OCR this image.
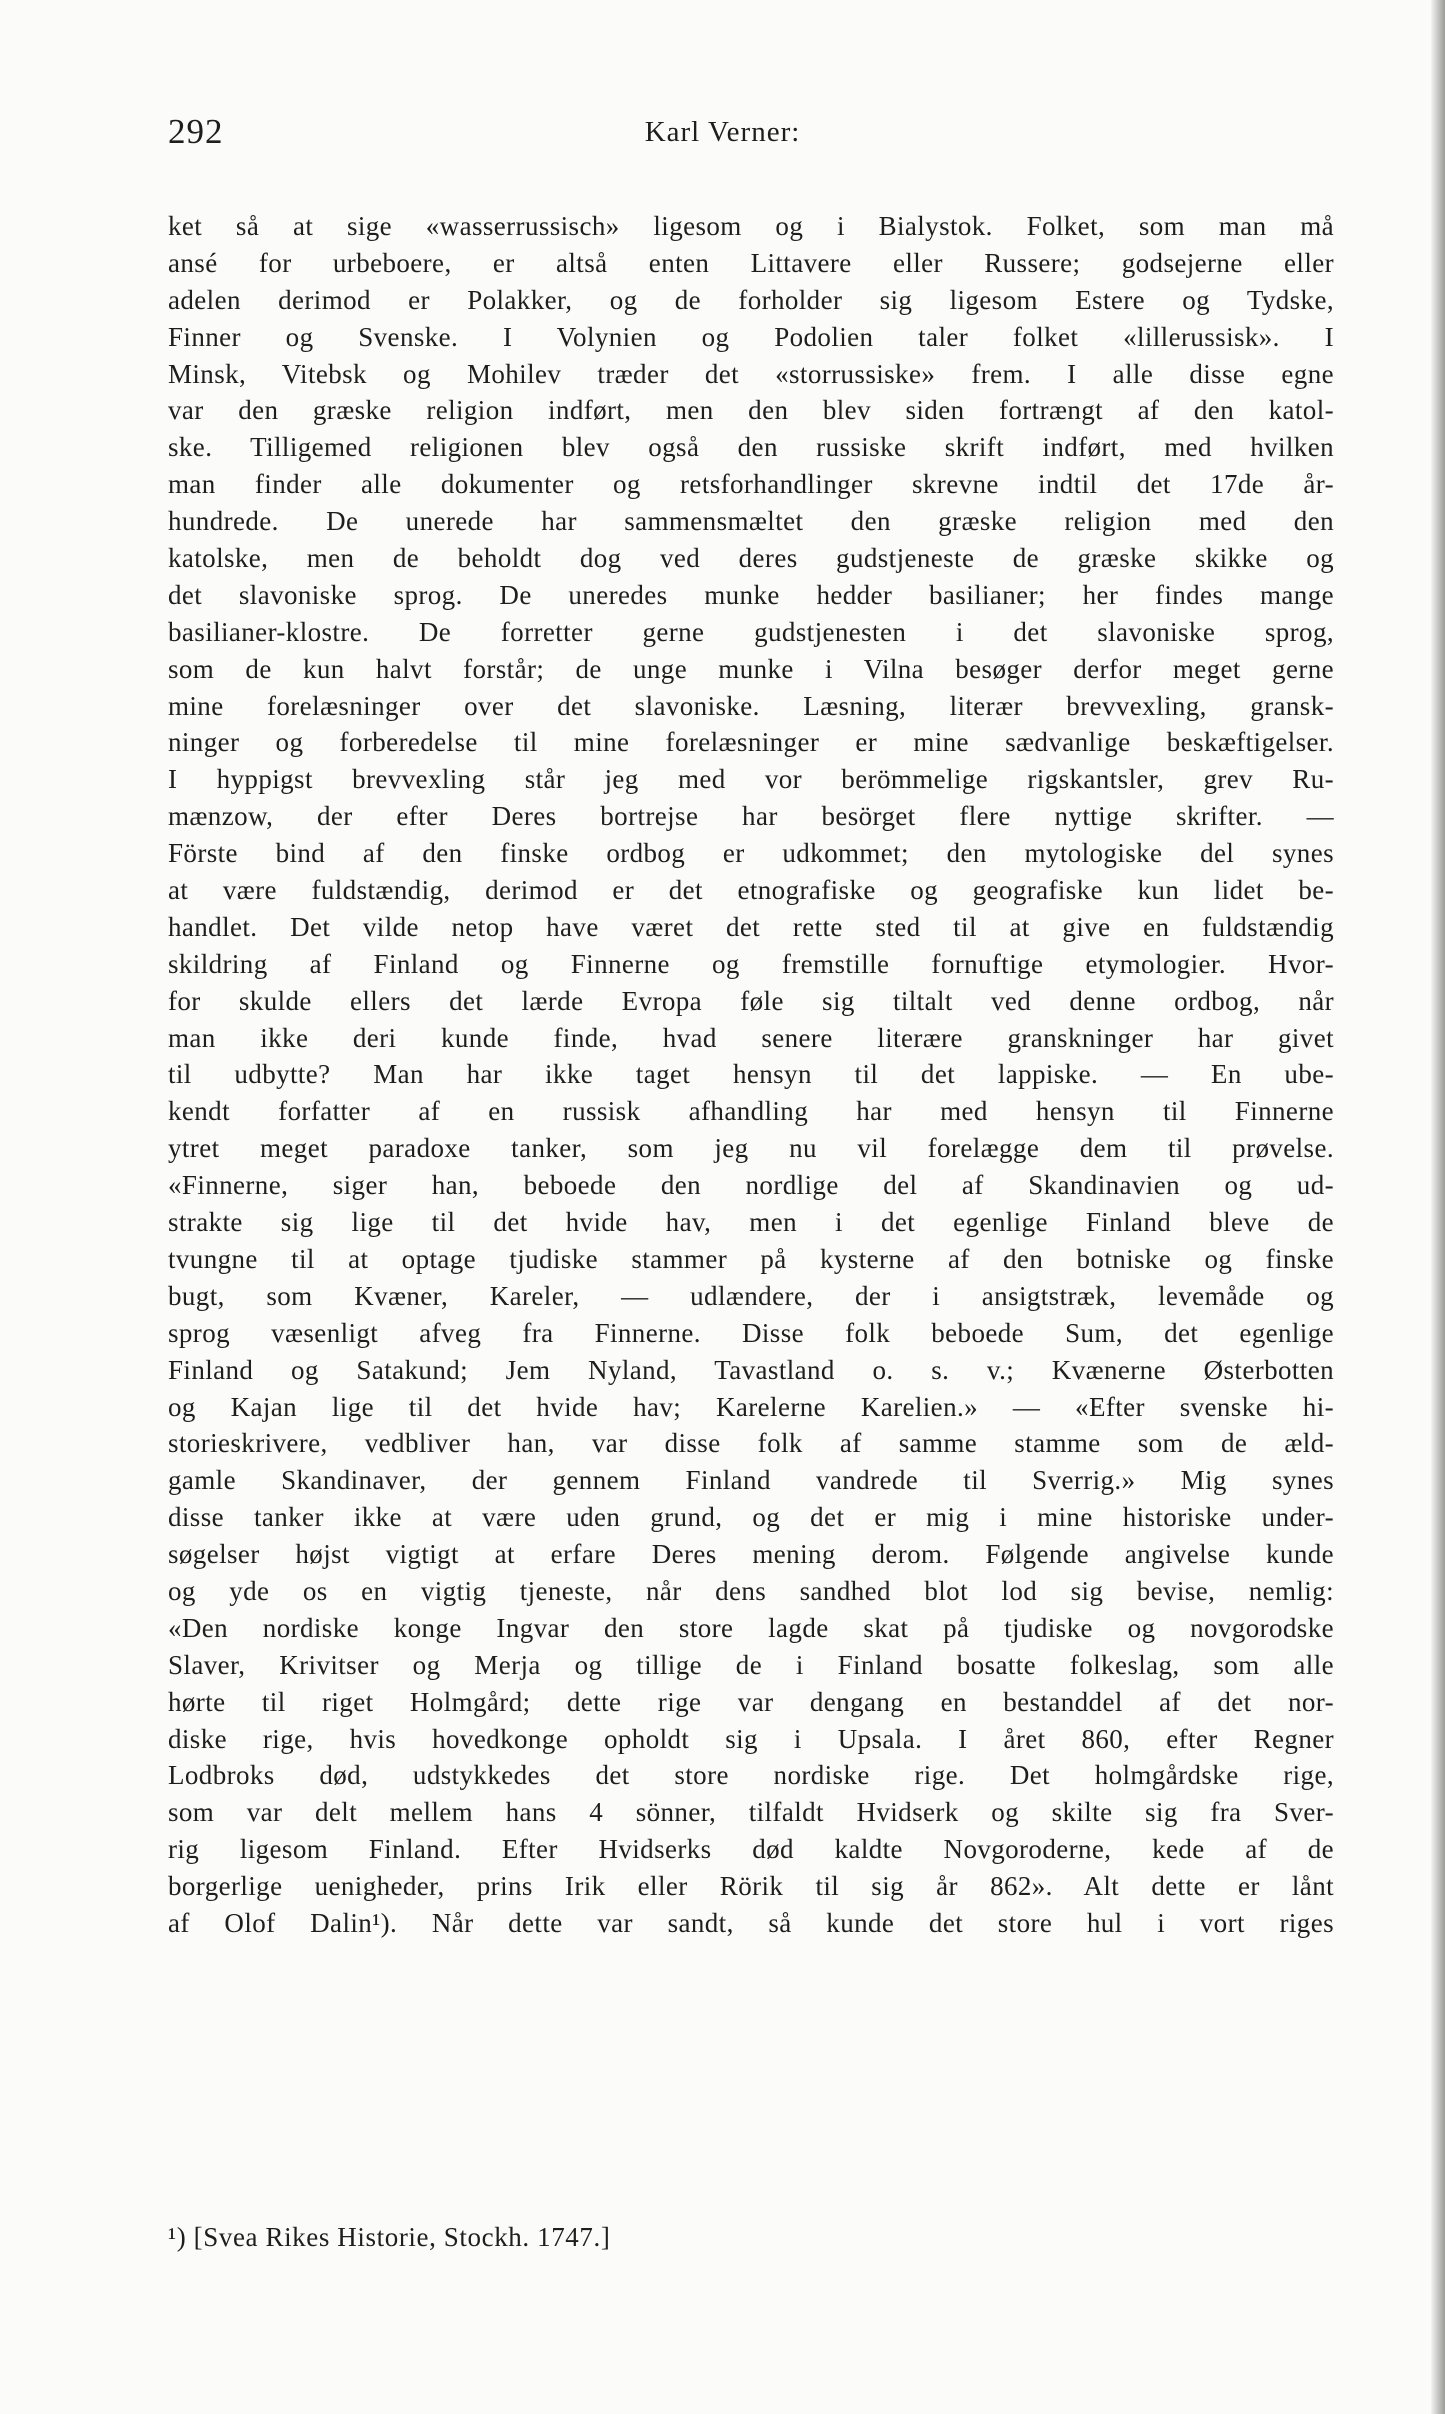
292	Karl Verner:
ket så at sige «wasserrussisch» ligesom og i Bialystok. Folket, som man må
ansé for urbeboere, er altså enten Littavere eller Russere; godsejerne eller
adelen derimod er Polakker, og de forholder sig ligesom Estere og Tydske,
Finner og Svenske. I Volynien og Podolien taler folket «lillerussisk». I
Minsk, Vitebsk og Mohilev træder det «storrussiske» frem. I alle disse egne
var den græske religion indført, men den blev siden fortrængt af den katol-
ske. Tilligemed religionen blev også den russiske skrift indført, med hvilken
man finder alle dokumenter og retsforhandlinger skrevne indtil det 17de år-
hundrede. De unerede har sammensmæltet den græske religion med den
katolske, men de beholdt dog ved deres gudstjeneste de græske skikke og
det slavoniske sprog. De uneredes munke hedder basilianer; her findes mange
basilianer-klostre. De forretter gerne gudstjenesten i det slavoniske sprog,
som de kun halvt forstår; de unge munke i Vilna besøger derfor meget gerne
mine forelæsninger over det slavoniske. Læsning, literær brevvexling, gransk-
ninger og forberedelse til mine forelæsninger er mine sædvanlige beskæftigelser.
I hyppigst brevvexling står jeg med vor berömmelige rigskantsler, grev Ru-
mænzow, der efter Deres bortrejse har besörget flere nyttige skrifter. —
Förste bind af den finske ordbog er udkommet; den mytologiske del synes
at være fuldstændig, derimod er det etnografiske og geografiske kun lidet be-
handlet. Det vilde netop have været det rette sted til at give en fuldstændig
skildring af Finland og Finnerne og fremstille fornuftige etymologier. Hvor-
for skulde ellers det lærde Evropa føle sig tiltalt ved denne ordbog, når
man ikke deri kunde finde, hvad senere literære granskninger har givet
til udbytte? Man har ikke taget hensyn til det lappiske. — En ube-
kendt forfatter af en russisk afhandling har med hensyn til Finnerne
ytret meget paradoxe tanker, som jeg nu vil forelægge dem til prøvelse.
«Finnerne, siger han, beboede den nordlige del af Skandinavien og ud-
strakte sig lige til det hvide hav, men i det egenlige Finland bleve de
tvungne til at optage tjudiske stammer på kysterne af den botniske og finske
bugt, som Kvæner, Kareler, — udlændere, der i ansigtstræk, levemåde og
sprog væsenligt afveg fra Finnerne. Disse folk beboede Sum, det egenlige
Finland og Satakund; Jem Nyland, Tavastland o. s. v.; Kvænerne Østerbotten
og Kajan lige til det hvide hav; Karelerne Karelien.» — «Efter svenske hi-
storieskrivere, vedbliver han, var disse folk af samme stamme som de æld-
gamle Skandinaver, der gennem Finland vandrede til Sverrig.» Mig synes
disse tanker ikke at være uden grund, og det er mig i mine historiske under-
søgelser højst vigtigt at erfare Deres mening derom. Følgende angivelse kunde
og yde os en vigtig tjeneste, når dens sandhed blot lod sig bevise, nemlig:
«Den nordiske konge Ingvar den store lagde skat på tjudiske og novgorodske
Slaver, Krivitser og Merja og tillige de i Finland bosatte folkeslag, som alle
hørte til riget Holmgård; dette rige var dengang en bestanddel af det nor-
diske rige, hvis hovedkonge opholdt sig i Upsala. I året 860, efter Regner
Lodbroks død, udstykkedes det store nordiske rige. Det holmgårdske rige,
som var delt mellem hans 4 sönner, tilfaldt Hvidserk og skilte sig fra Sver-
rig ligesom Finland. Efter Hvidserks død kaldte Novgoroderne, kede af de
borgerlige uenigheder, prins Irik eller Rörik til sig år 862». Alt dette er lånt
af Olof Dalin¹). Når dette var sandt, så kunde det store hul i vort riges
¹) [Svea Rikes Historie, Stockh. 1747.]
